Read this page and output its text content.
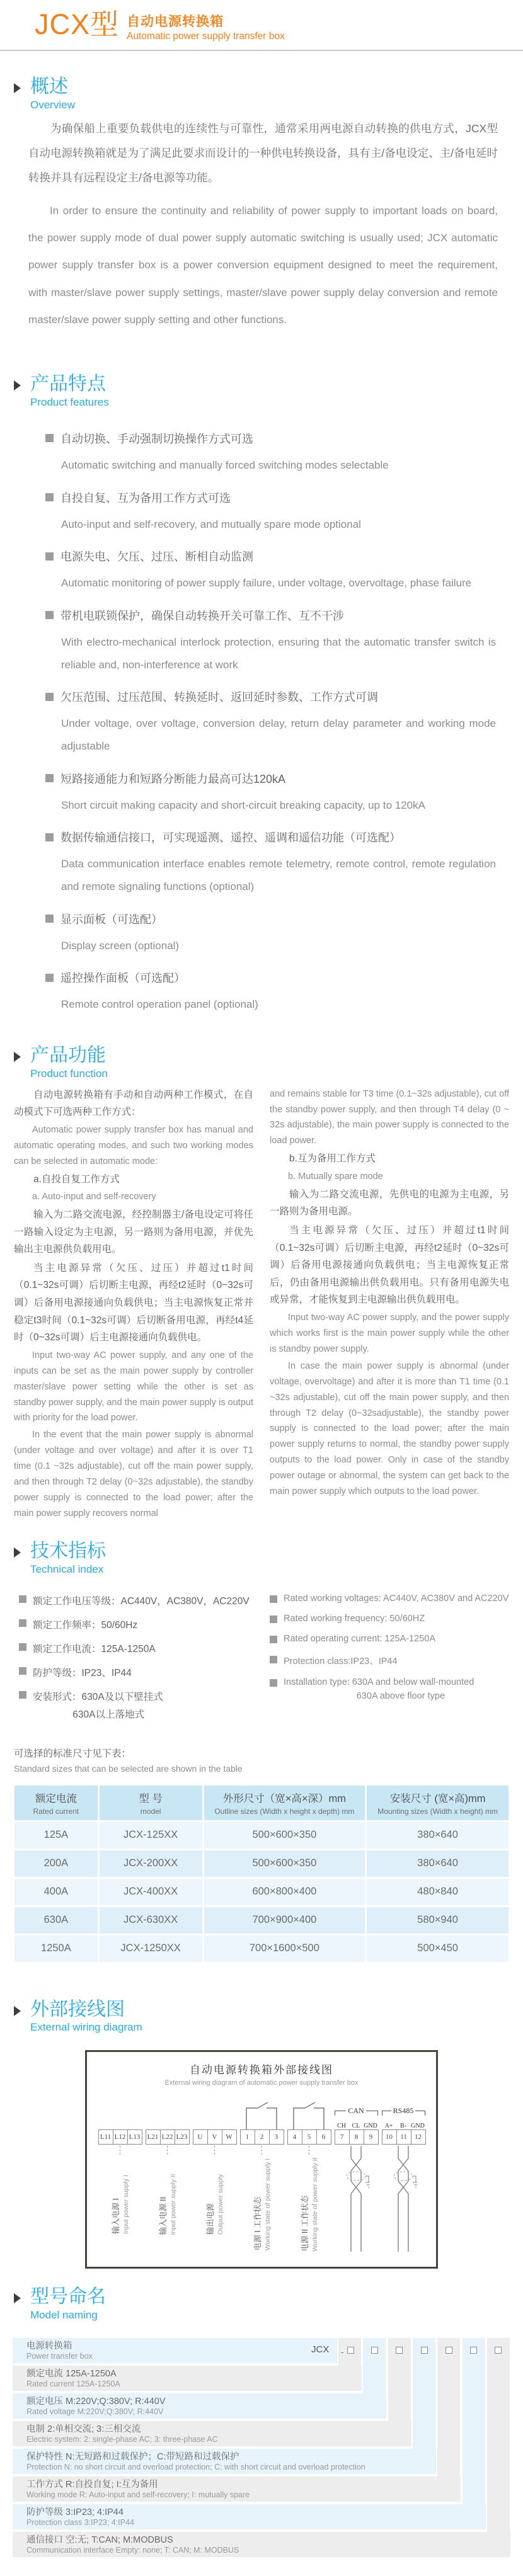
JCX型 自动电源转换箱
Automatic power supply transfer box
概述
Overview

为确保船上重要负载供电的连续性与可靠性，通常采用两电源自动转换的供电方式，JCX型自动电源转换箱就是为了满足此要求而设计的一种供电转换设备，具有主/备电设定、主/备电延时转换并具有远程设定主/备电源等功能。

In order to ensure the continuity and reliability of power supply to important loads on board, the power supply mode of dual power supply automatic switching is usually used; JCX automatic power supply transfer box is a power conversion equipment designed to meet the requirement, with master/slave power supply settings, master/slave power supply delay conversion and remote master/slave power supply setting and other functions.

产品特点
Product features
自动切换、手动强制切换操作方式可选
Automatic switching and manually forced switching modes selectable
自投自复、互为备用工作方式可选
Auto-input and self-recovery, and mutually spare mode optional
电源失电、欠压、过压、断相自动监测
Automatic monitoring of power supply failure, under voltage, overvoltage, phase failure
带机电联锁保护，确保自动转换开关可靠工作、互不干涉
With electro-mechanical interlock protection, ensuring that the automatic transfer switch is reliable and, non-interference at work
欠压范围、过压范围、转换延时、返回延时参数、工作方式可调
Under voltage, over voltage, conversion delay, return delay parameter and working mode adjustable
短路接通能力和短路分断能力最高可达120kA
Short circuit making capacity and short-circuit breaking capacity, up to 120kA
数据传输通信接口，可实现遥测、遥控、遥调和遥信功能（可选配）
Data communication interface enables remote telemetry, remote control, remote regulation and remote signaling functions (optional)
显示面板（可选配）
Display screen (optional)
遥控操作面板（可选配）
Remote control operation panel (optional)
产品功能
Product function

自动电源转换箱有手动和自动两种工作模式，在自动模式下可选两种工作方式：

Automatic power supply transfer box has manual and automatic operating modes, and such two working modes can be selected in automatic mode:

a.自投自复工作方式

a. Auto-input and self-recovery

输入为二路交流电源，经控制器主/备电设定可将任一路输入设定为主电源，另一路则为备用电源，并优先输出主电源供负载用电。

当主电源异常（欠压、过压）并超过t1时间（0.1~32s可调）后切断主电源，再经t2延时（0~32s可调）后备用电源接通向负载供电；当主电源恢复正常并稳定t3时间（0.1~32s可调）后切断备用电源，再经t4延时（0~32s可调）后主电源接通向负载供电。

Input two-way AC power supply, and any one of the inputs can be set as the main power supply by controller master/slave power setting while the other is set as standby power supply, and the main power supply is output with priority for the load power.

In the event that the main power supply is abnormal (under voltage and over voltage) and after it is over T1 time (0.1 ~32s adjustable), cut off the main power supply, and then through T2 delay (0~32s adjustable), the standby power supply is connected to the load power; after the main power supply recovers normal

and remains stable for T3 time (0.1~32s adjustable), cut off the standby power supply, and then through T4 delay (0 ~ 32s adjustable), the main power supply is connected to the load power.

b.互为备用工作方式

b. Mutually spare mode

输入为二路交流电源，先供电的电源为主电源，另一路则为备用电源。

当主电源异常（欠压、过压）并超过t1时间（0.1~32s可调）后切断主电源，再经t2延时（0~32s可调）后备用电源接通向负载供电；当主电源恢复正常后，仍由备用电源输出供负载用电。只有备用电源失电或异常，才能恢复到主电源输出供负载用电。

Input two-way AC power supply, and the power supply which works first is the main power supply while the other is standby power supply.

In case the main power supply is abnormal (under voltage, overvoltage) and after it is more than T1 time (0.1 ~32s adjustable), cut off the main power supply, and then through T2 delay (0~32sadjustable), the standby power supply is connected to the load power; after the main power supply returns to normal, the standby power supply outputs to the load power. Only in case of the standby power outage or abnormal, the system can get back to the main power supply which outputs to the load power.

技术指标
Technical index
额定工作电压等级：AC440V，AC380V，AC220V
额定工作频率：50/60Hz
额定工作电流：125A-1250A
防护等级：IP23、IP44
安装形式：630A及以下壁挂式
630A以上落地式
Rated working voltages: AC440V, AC380V and AC220V
Rated working frequency: 50/60HZ
Rated operating current: 125A-1250A
Protection class:IP23、IP44
Installation type: 630A and below wall-mounted
630A above floor type
可选择的标准尺寸见下表：
Standard sizes that can be selected are shown in the table
额定电流
Rated current

型 号
model

外形尺寸（宽×高×深）mm
Outline sizes (Width x height x depth) mm

安装尺寸 (宽×高)mm
Mounting sizes (Width x height) mm

125A	JCX-125XX	500×600×350	380×640
200A	JCX-200XX	500×600×350	380×640
400A	JCX-400XX	600×800×400	480×840
630A	JCX-630XX	700×900×400	580×940
1250A	JCX-1250XX	700×1600×500	500×450
外部接线图
External wiring diagram
自动电源转换箱外部接线图
External wiring diagram of automatic power supply transfer box
L11 L12 L13
输入电源 I Input power supply I
L21 L22 L23
输入电源 II Input power supply II
U	V	W
输出电源 Output power supply
1	2	3
电源 I 工作状态 Working state of power supply I
4	5	6
电源 II 工作状态 Working state of power supply II
CAN
CH CL GND
7	8	9
RS485
A+	B- GND
10	11	12
型号命名
Model naming
JCX -
电源转换箱
Power transfer box
额定电流 125A-1250A
Rated current 125A-1250A
额定电压 M:220V;Q:380V; R:440V
Rated voltage M:220V;Q:380V; R:440V
电制 2:单相交流; 3:三相交流
Electric system: 2: single-phase AC; 3: three-phase AC
保护特性 N:无短路和过载保护；C:带短路和过载保护
Protection N: no short circuit and overload protection; C: with short circuit and overload protection
工作方式 R:自投自复; I:互为备用
Working mode R: Auto-input and self-recovery; I: mutually spare
防护等级 3:IP23; 4:IP44
Protection class 3:IP23; 4:IP44
通信接口 空:无; T:CAN; M:MODBUS
Communication interface Empty: none; T: CAN; M: MODBUS
